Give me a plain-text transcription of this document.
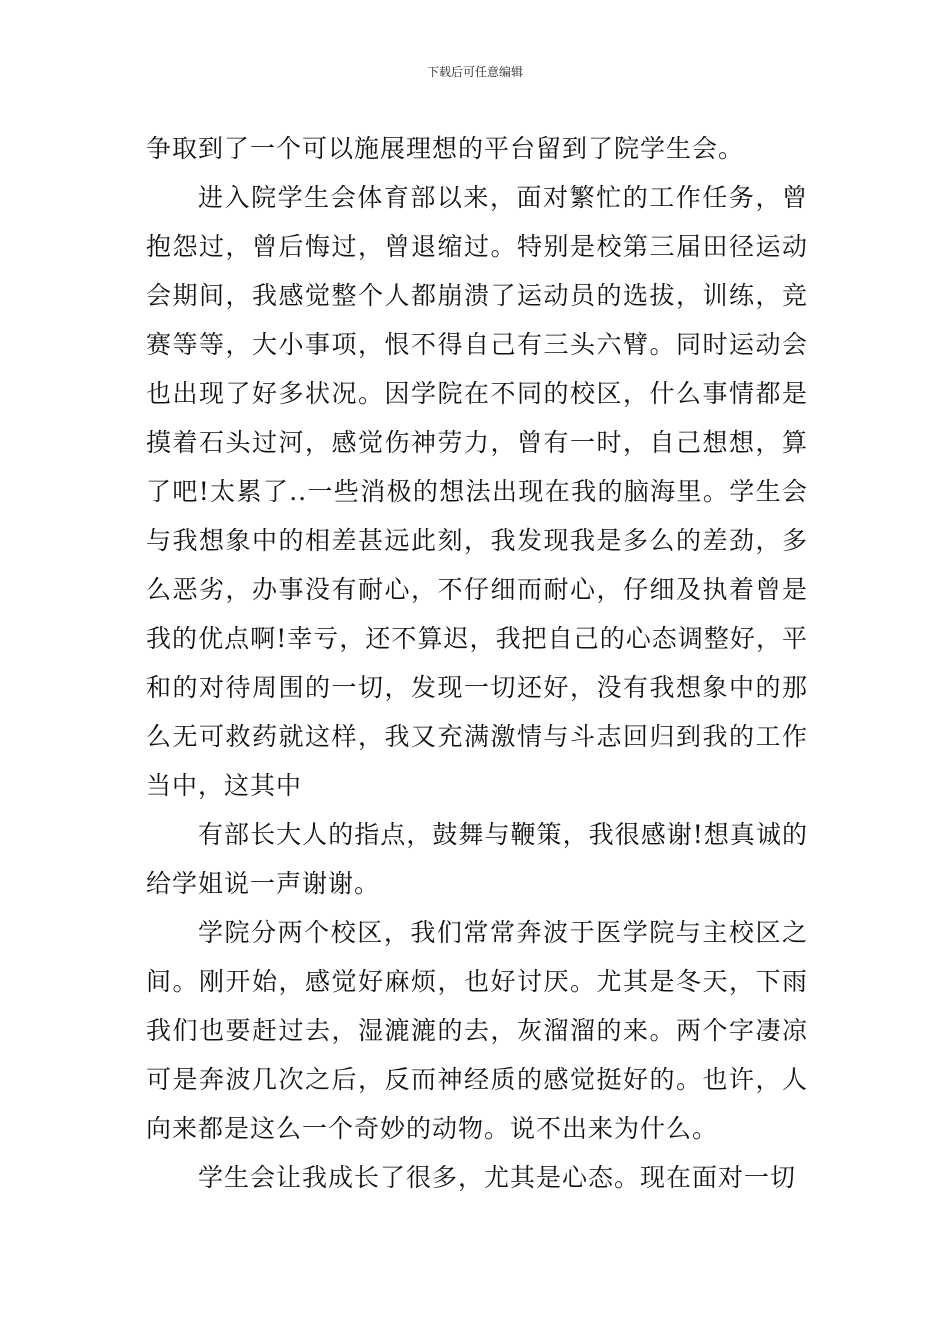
下载后可任意编辑

争取到了一个可以施展理想的平台留到了院学生会。

进入院学生会体育部以来，面对繁忙的工作任务，曾抱怨过，曾后悔过，曾退缩过。特别是校第三届田径运动会期间，我感觉整个人都崩溃了运动员的选拔，训练，竞赛等等，大小事项，恨不得自己有三头六臂。同时运动会也出现了好多状况。因学院在不同的校区，什么事情都是摸着石头过河，感觉伤神劳力，曾有一时，自己想想，算了吧!太累了..一些消极的想法出现在我的脑海里。学生会与我想象中的相差甚远此刻，我发现我是多么的差劲，多么恶劣，办事没有耐心，不仔细而耐心，仔细及执着曾是我的优点啊!幸亏，还不算迟，我把自己的心态调整好，平和的对待周围的一切，发现一切还好，没有我想象中的那么无可救药就这样，我又充满激情与斗志回归到我的工作当中，这其中

有部长大人的指点，鼓舞与鞭策，我很感谢!想真诚的给学姐说一声谢谢。

学院分两个校区，我们常常奔波于医学院与主校区之间。刚开始，感觉好麻烦，也好讨厌。尤其是冬天，下雨我们也要赶过去，湿漉漉的去，灰溜溜的来。两个字凄凉可是奔波几次之后，反而神经质的感觉挺好的。也许，人向来都是这么一个奇妙的动物。说不出来为什么。

学生会让我成长了很多，尤其是心态。现在面对一切
